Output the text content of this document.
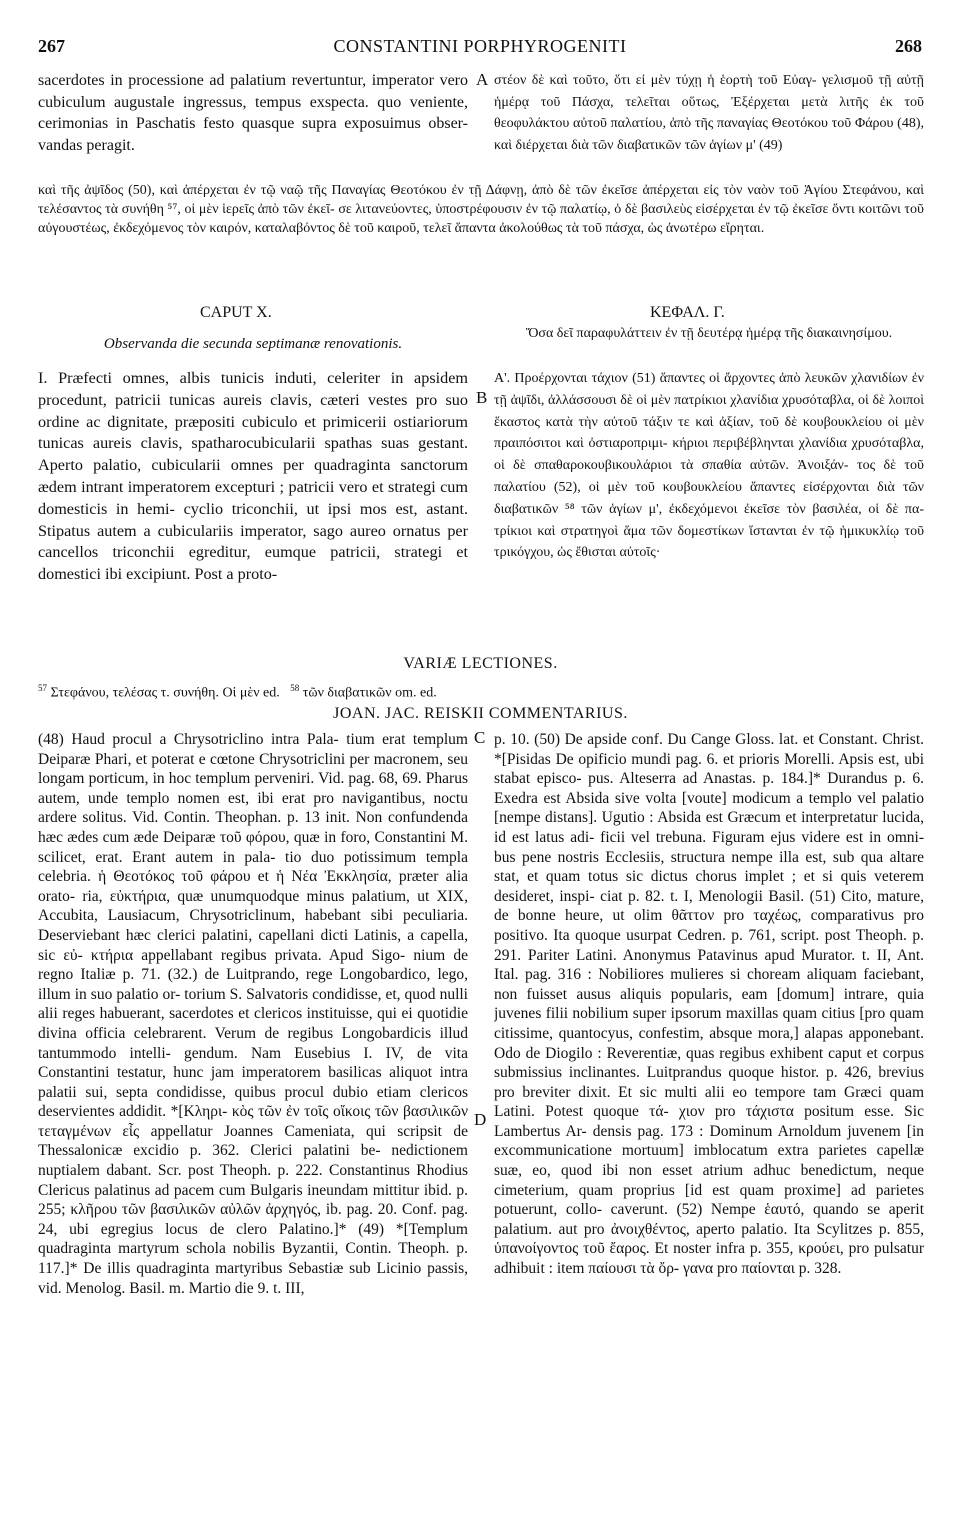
267	CONSTANTINI PORPHYROGENITI	268
sacerdotes in processione ad palatium revertuntur, imperator vero cubiculum augustale ingressus, tempus exspecta. quo veniente, cerimonias in Paschatis festo quasque supra exposuimus obser- vandas peragit.
A στέον δὲ καὶ τοῦτο, ὅτι εἰ μὲν τύχῃ ἡ ἑορτὴ τοῦ Εὐαγ- γελισμοῦ τῇ αὐτῇ ἡμέρᾳ τοῦ Πάσχα, τελεῖται οὕτως, Ἐξέρχεται μετὰ λιτῆς ἐκ τοῦ θεοφυλάκτου αὐτοῦ παλατίου, ἀπὸ τῆς παναγίας Θεοτόκου τοῦ Φάρου (48), καὶ διέρχεται διὰ τῶν διαβατικῶν τῶν ἁγίων μ' (49)
καὶ τῆς ἀψῖδος (50), καὶ ἀπέρχεται ἐν τῷ ναῷ τῆς Παναγίας Θεοτόκου ἐν τῇ Δάφνῃ, ἀπὸ δὲ τῶν ἐκεῖσε ἀπέρχεται εἰς τὸν ναὸν τοῦ Ἁγίου Στεφάνου, καὶ τελέσαντος τὰ συνήθη ⁵⁷, οἱ μὲν ἱερεῖς ἀπὸ τῶν ἐκεῖ- σε λιτανεύοντες, ὑποστρέφουσιν ἐν τῷ παλατίῳ, ὁ δὲ βασιλεὺς εἰσέρχεται ἐν τῷ ἐκεῖσε ὄντι κοιτῶνι τοῦ αὐγουστέως, ἐκδεχόμενος τὸν καιρόν, καταλαβόντος δὲ τοῦ καιροῦ, τελεῖ ἅπαντα ἀκολούθως τὰ τοῦ πάσχα, ὡς ἀνωτέρω εἴρηται.
CAPUT X.	ΚΕΦΑΛ. Γ.
Observanda die secunda septimanæ renovationis.
Ὅσα δεῖ παραφυλάττειν ἐν τῇ δευτέρᾳ ἡμέρᾳ τῆς διακαινησίμου.
I. Præfecti omnes, albis tunicis induti, celeriter in apsidem procedunt, patricii tunicas aureis clavis, cæteri vestes pro suo ordine ac dignitate, præpositi cubiculo et primicerii ostiariorum tunicas aureis clavis, spatharocubicularii spathas suas gestant. Aperto palatio, cubicularii omnes per quadraginta sanctorum ædem intrant imperatorem excepturi ; patricii vero et strategi cum domesticis in hemi- cyclio triconchii, ut ipsi mos est, astant. Stipatus autem a cubiculariis imperator, sago aureo ornatus per cancellos triconchii egreditur, eumque patricii, strategi et domestici ibi excipiunt. Post a proto-
B
Α'. Προέρχονται τάχιον (51) ἅπαντες οἱ ἄρχοντες ἀπὸ λευκῶν χλανιδίων ἐν τῇ ἀψῖδι, ἀλλάσσουσι δὲ οἱ μὲν πατρίκιοι χλανίδια χρυσόταβλα, οἱ δὲ λοιποὶ ἕκαστος κατὰ τὴν αὐτοῦ τάξιν τε καὶ ἀξίαν, τοῦ δὲ κουβουκλείου οἱ μὲν πραιπόσιτοι καὶ ὀστιαροπριμι- κήριοι περιβέβληνται χλανίδια χρυσόταβλα, οἱ δὲ σπαθαροκουβικουλάριοι τὰ σπαθία αὐτῶν. Ἀνοιξάν- τος δὲ τοῦ παλατίου (52), οἱ μὲν τοῦ κουβουκλείου ἅπαντες εἰσέρχονται διὰ τῶν διαβατικῶν ⁵⁸ τῶν ἁγίων μ', ἐκδεχόμενοι ἐκεῖσε τὸν βασιλέα, οἱ δὲ πα- τρίκιοι καὶ στρατηγοὶ ἅμα τῶν δομεστίκων ἵστανται ἐν τῷ ἡμικυκλίῳ τοῦ τρικόγχου, ὡς ἔθισται αὐτοῖς·
VARIÆ LECTIONES.
$^{57}$ Στεφάνου, τελέσας τ. συνήθη. Οἱ μὲν ed. $^{58}$ τῶν διαβατικῶν om. ed.
JOAN. JAC. REISKII COMMENTARIUS.
(48) Haud procul a Chrysotriclino intra Pala- tium erat templum Deiparæ Phari, et poterat e cœtone Chrysotriclini per macronem, seu longam porticum, in hoc templum perveniri. Vid. pag. 68, 69. Pharus autem, unde templo nomen est, ibi erat pro navigantibus, noctu ardere solitus. Vid. Contin. Theophan. p. 13 init. Non confundenda hæc ædes cum æde Deiparæ τοῦ φόρου, quæ in foro, Constantini M. scilicet, erat. Erant autem in pala- tio duo potissimum templa celebria. ἡ Θεοτόκος τοῦ φάρου et ἡ Νέα Ἐκκλησία, præter alia orato- ria, εὐκτήρια, quæ unumquodque minus palatium, ut XIX, Accubita, Lausiacum, Chrysotriclinum, habebant sibi peculiaria. Deserviebant hæc clerici palatini, capellani dicti Latinis, a capella, sic εὐ- κτήρια appellabant regibus privata. Apud Sigo- nium de regno Italiæ p. 71. (32.) de Luitprando, rege Longobardico, lego, illum in suo palatio or- torium S. Salvatoris condidisse, et, quod nulli alii reges habuerant, sacerdotes et clericos instituisse, qui ei quotidie divina officia celebrarent. Verum de regibus Longobardicis illud tantummodo intelli- gendum. Nam Eusebius I. IV, de vita Constantini testatur, hunc jam imperatorem basilicas aliquot intra palatii sui, septa condidisse, quibus procul dubio etiam clericos deservientes addidit. *[Κληρι- κὸς τῶν ἐν τοῖς οἴκοις τῶν βασιλικῶν τεταγμένων εἷς appellatur Joannes Cameniata, qui scripsit de Thessalonicæ excidio p. 362. Clerici palatini be- nedictionem nuptialem dabant. Scr. post Theoph. p. 222. Constantinus Rhodius Clericus palatinus ad pacem cum Bulgaris ineundam mittitur ibid. p. 255; κλῆρου τῶν βασιλικῶν αὐλῶν ἀρχηγός, ib. pag. 20. Conf. pag. 24, ubi egregius locus de clero Palatino.]* (49) *[Templum quadraginta martyrum schola nobilis Byzantii, Contin. Theoph. p. 117.]* De illis quadraginta martyribus Sebastiæ sub Licinio passis, vid. Menolog. Basil. m. Martio die 9. t. III,
C
D
p. 10. (50) De apside conf. Du Cange Gloss. lat. et Constant. Christ. *[Pisidas De opificio mundi pag. 6. et prioris Morelli. Apsis est, ubi stabat episco- pus. Alteserra ad Anastas. p. 184.]* Durandus p. 6. Exedra est Absida sive volta [voute] modicum a templo vel palatio [nempe distans]. Ugutio : Absida est Græcum et interpretatur lucida, id est latus adi- ficii vel trebuna. Figuram ejus videre est in omni- bus pene nostris Ecclesiis, structura nempe illa est, sub qua altare stat, et quam totus sic dictus chorus implet ; et si quis veterem desideret, inspi- ciat p. 82. t. I, Menologii Basil. (51) Cito, mature, de bonne heure, ut olim θᾶττον pro ταχέως, comparativus pro positivo. Ita quoque usurpat Cedren. p. 761, script. post Theoph. p. 291. Pariter Latini. Anonymus Patavinus apud Murator. t. II, Ant. Ital. pag. 316 : Nobiliores mulieres si choream aliquam faciebant, non fuisset ausus aliquis popularis, eam [domum] intrare, quia juvenes filii nobilium super ipsorum maxillas quam citius [pro quam citissime, quantocyus, confestim, absque mora,] alapas apponebant. Odo de Diogilo : Reverentiæ, quas regibus exhibent caput et corpus submissius inclinantes. Luitprandus quoque histor. p. 426, brevius pro breviter dixit. Et sic multi alii eo tempore tam Græci quam Latini. Potest quoque τά- χιον pro τάχιστα positum esse. Sic Lambertus Ar- densis pag. 173 : Dominum Arnoldum juvenem [in excommunicatione mortuum] imblocatum extra parietes capellæ suæ, eo, quod ibi non esset atrium adhuc benedictum, neque cimeterium, quam proprius [id est quam proxime] ad parietes potuerunt, collo- caverunt. (52) Nempe ἑαυτό, quando se aperit palatium. aut pro ἀνοιχθέντος, aperto palatio. Ita Scylitzes p. 855, ὑπανοίγοντος τοῦ ἔαρος. Et noster infra p. 355, κρούει, pro pulsatur adhibuit : item παίουσι τὰ ὄρ- γανα pro παίονται p. 328.
